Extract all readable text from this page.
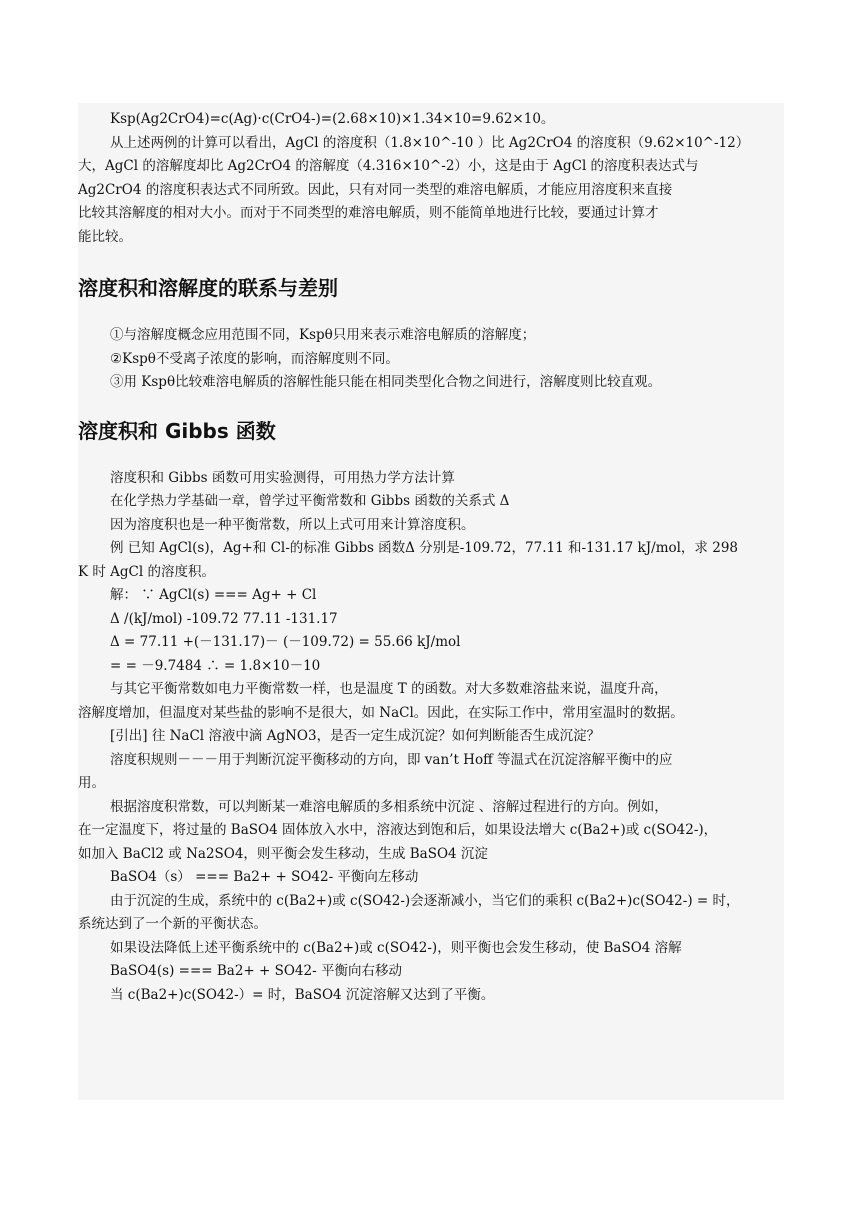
Ksp(Ag2CrO4)=c(Ag)·c(CrO4-)=(2.68×10)×1.34×10=9.62×10。
从上述两例的计算可以看出，AgCl 的溶度积（1.8×10^-10 ）比 Ag2CrO4 的溶度积（9.62×10^-12）
大，AgCl 的溶解度却比 Ag2CrO4 的溶解度（4.316×10^-2）小，这是由于 AgCl 的溶度积表达式与
Ag2CrO4 的溶度积表达式不同所致。因此，只有对同一类型的难溶电解质，才能应用溶度积来直接
比较其溶解度的相对大小。而对于不同类型的难溶电解质，则不能简单地进行比较，要通过计算才
能比较。

溶度积和溶解度的联系与差别

①与溶解度概念应用范围不同，Kspθ只用来表示难溶电解质的溶解度；
②Kspθ不受离子浓度的影响，而溶解度则不同。
③用 Kspθ比较难溶电解质的溶解性能只能在相同类型化合物之间进行，溶解度则比较直观。

溶度积和 Gibbs 函数

溶度积和 Gibbs 函数可用实验测得，可用热力学方法计算
在化学热力学基础一章，曾学过平衡常数和 Gibbs 函数的关系式 Δ
因为溶度积也是一种平衡常数，所以上式可用来计算溶度积。
例 已知 AgCl(s)，Ag+和 Cl-的标准 Gibbs 函数Δ 分别是-109.72，77.11 和-131.17 kJ/mol，求 298
K 时 AgCl 的溶度积。
解： ∵ AgCl(s) === Ag+ + Cl
Δ /(kJ/mol) -109.72 77.11 -131.17
Δ = 77.11 +(－131.17)－ (－109.72) = 55.66 kJ/mol
= = －9.7484 ∴ = 1.8×10－10
与其它平衡常数如电力平衡常数一样，也是温度 T 的函数。对大多数难溶盐来说，温度升高，
溶解度增加，但温度对某些盐的影响不是很大，如 NaCl。因此，在实际工作中，常用室温时的数据。
[引出] 往 NaCl 溶液中滴 AgNO3，是否一定生成沉淀？如何判断能否生成沉淀？
溶度积规则－－－用于判断沉淀平衡移动的方向，即 van’t Hoff 等温式在沉淀溶解平衡中的应
用。
根据溶度积常数，可以判断某一难溶电解质的多相系统中沉淀 、溶解过程进行的方向。例如，
在一定温度下，将过量的 BaSO4 固体放入水中，溶液达到饱和后，如果设法增大 c(Ba2+)或 c(SO42-)，
如加入 BaCl2 或 Na2SO4，则平衡会发生移动，生成 BaSO4 沉淀
BaSO4（s） === Ba2+ + SO42- 平衡向左移动
由于沉淀的生成，系统中的 c(Ba2+)或 c(SO42-)会逐渐减小，当它们的乘积 c(Ba2+)c(SO42-) = 时，
系统达到了一个新的平衡状态。
如果设法降低上述平衡系统中的 c(Ba2+)或 c(SO42-)，则平衡也会发生移动，使 BaSO4 溶解
BaSO4(s) === Ba2+ + SO42- 平衡向右移动
当 c(Ba2+)c(SO42-）= 时，BaSO4 沉淀溶解又达到了平衡。
